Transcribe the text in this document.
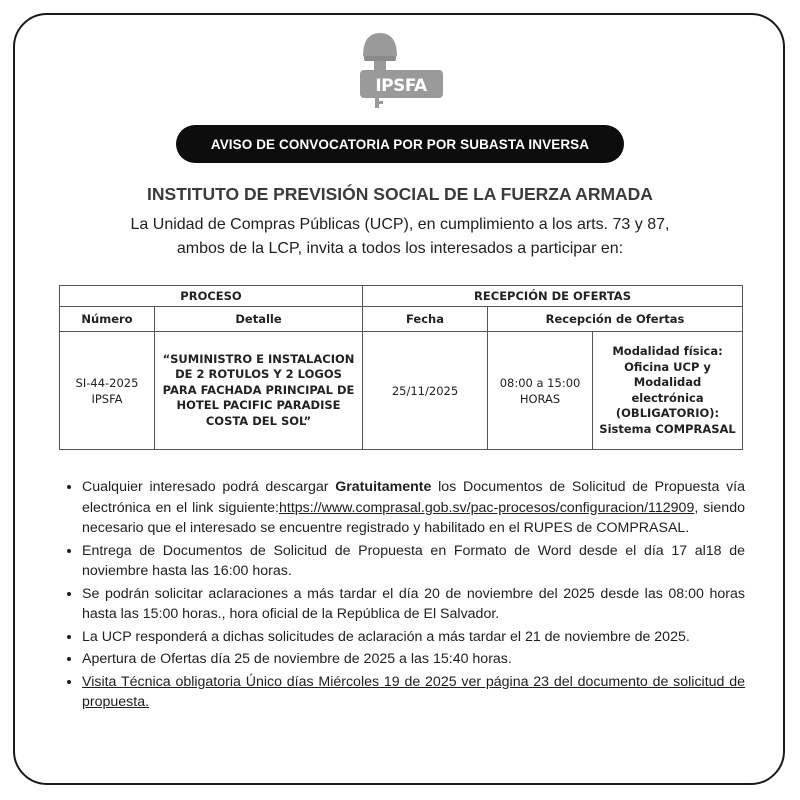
IPSFA
AVISO DE CONVOCATORIA POR POR SUBASTA INVERSA
INSTITUTO DE PREVISIÓN SOCIAL DE LA FUERZA ARMADA
La Unidad de Compras Públicas (UCP), en cumplimiento a los arts. 73 y 87, ambos de la LCP, invita a todos los interesados a participar en:
PROCESO		RECEPCIÓN DE OFERTAS		
Número	Detalle	Fecha	Recepción de Ofertas	
SI-44-2025 IPSFA	“SUMINISTRO E INSTALACION DE 2 ROTULOS Y 2 LOGOS PARA FACHADA PRINCIPAL DE HOTEL PACIFIC PARADISE COSTA DEL SOL”	25/11/2025	08:00 a 15:00 HORAS	Modalidad física: Oficina UCP y Modalidad electrónica (OBLIGATORIO): Sistema COMPRASAL
• Cualquier interesado podrá descargar Gratuitamente los Documentos de Solicitud de Propuesta vía electrónica en el link siguiente:https://www.comprasal.gob.sv/pac-procesos/configuracion/112909, siendo necesario que el interesado se encuentre registrado y habilitado en el RUPES de COMPRASAL.
• Entrega de Documentos de Solicitud de Propuesta en Formato de Word desde el día 17 al18 de noviembre hasta las 16:00 horas.
• Se podrán solicitar aclaraciones a más tardar el día 20 de noviembre del 2025 desde las 08:00 horas hasta las 15:00 horas., hora oficial de la República de El Salvador.
• La UCP responderá a dichas solicitudes de aclaración a más tardar el 21 de noviembre de 2025.
• Apertura de Ofertas día 25 de noviembre de 2025 a las 15:40 horas.
• Visita Técnica obligatoria Único días Miércoles 19 de 2025 ver página 23 del documento de solicitud de propuesta.
